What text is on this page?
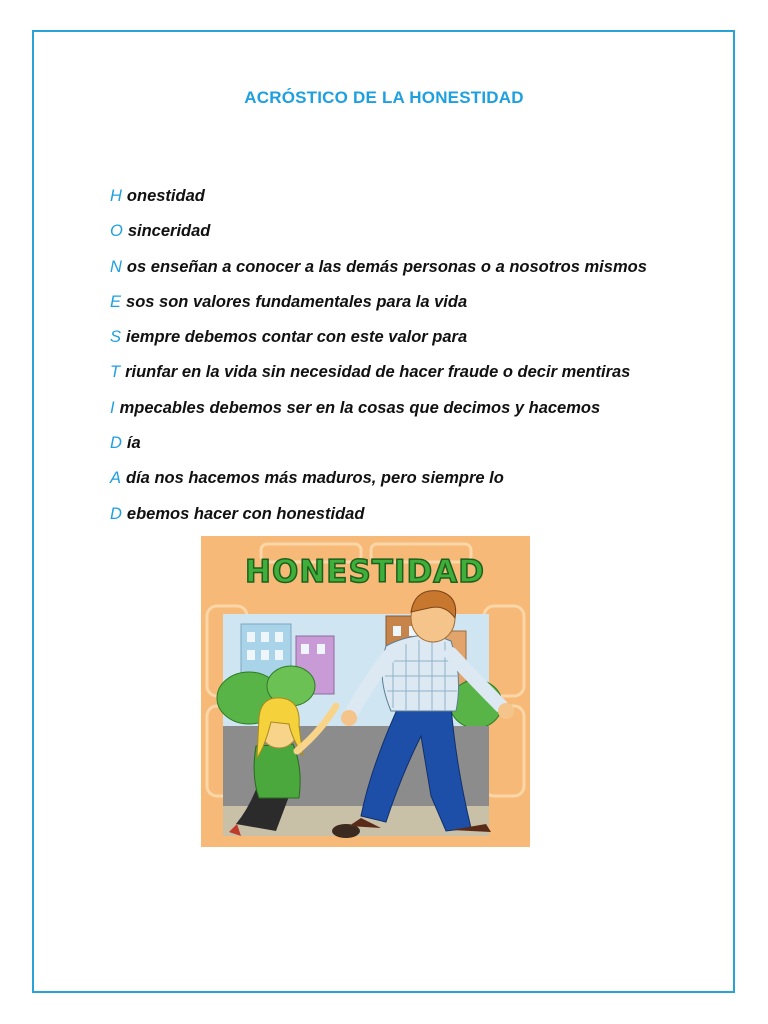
ACRÓSTICO DE LA HONESTIDAD
H onestidad
O sinceridad
N os enseñan a conocer a las demás personas o a nosotros mismos
E sos son valores fundamentales para la vida
S iempre debemos contar con este valor para
T riunfar en la vida sin necesidad de hacer fraude o decir mentiras
I mpecables debemos ser en la cosas que decimos y hacemos
D ía
A día nos hacemos más maduros, pero siempre lo
D ebemos hacer con honestidad
HONESTIDAD
